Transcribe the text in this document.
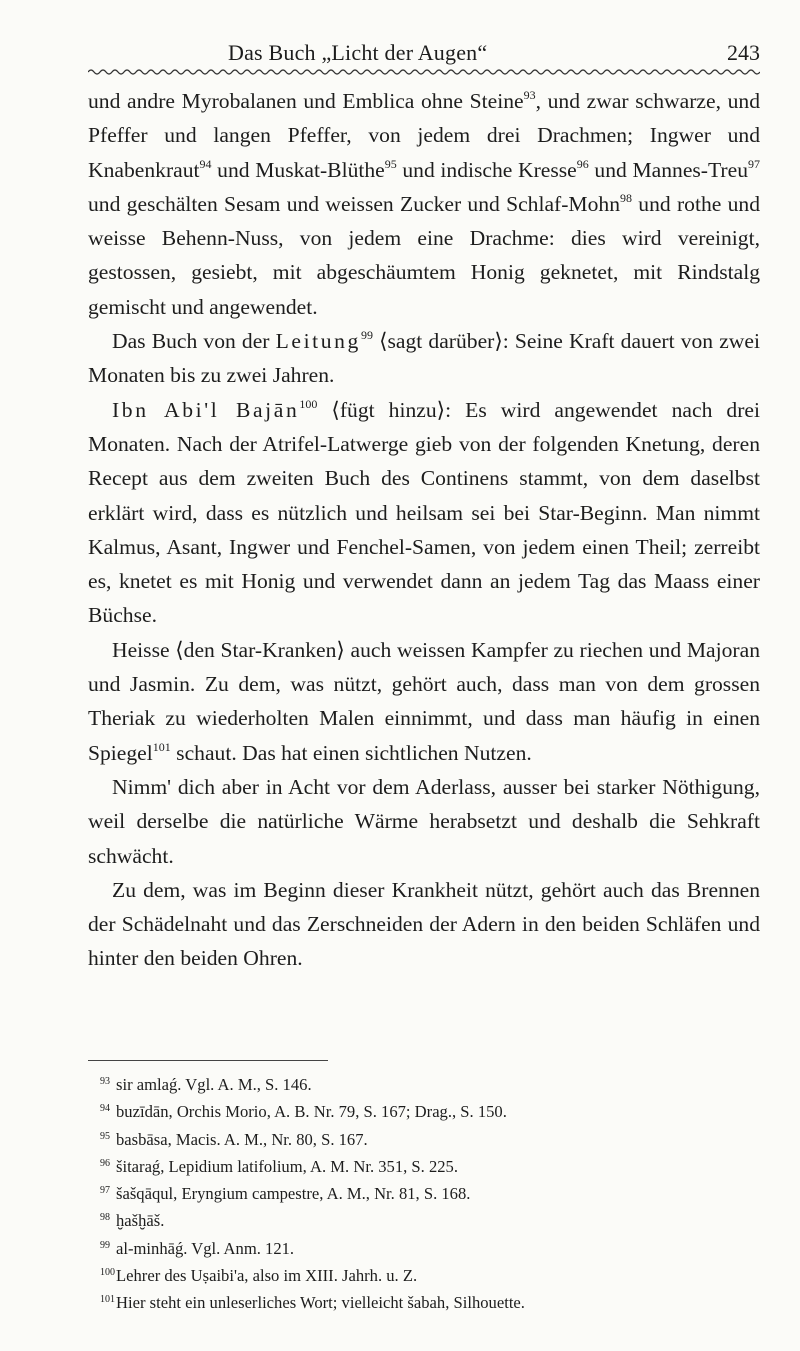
Das Buch „Licht der Augen“	243

und andre Myrobalanen und Emblica ohne Steine$^{93}$, und zwar schwarze, und Pfeffer und langen Pfeffer, von jedem drei Drachmen; Ingwer und Knabenkraut$^{94}$ und Muskat-Blüthe$^{95}$ und indische Kresse$^{96}$ und Mannes-Treu$^{97}$ und geschälten Sesam und weissen Zucker und Schlaf-Mohn$^{98}$ und rothe und weisse Behenn-Nuss, von jedem eine Drachme: dies wird vereinigt, gestossen, gesiebt, mit abgeschäumtem Honig geknetet, mit Rindstalg gemischt und angewendet.

Das Buch von der Leitung$^{99}$ ⟨sagt darüber⟩: Seine Kraft dauert von zwei Monaten bis zu zwei Jahren.

Ibn Abi'l Bajān$^{100}$ ⟨fügt hinzu⟩: Es wird angewendet nach drei Monaten. Nach der Atrifel-Latwerge gieb von der folgenden Knetung, deren Recept aus dem zweiten Buch des Continens stammt, von dem daselbst erklärt wird, dass es nützlich und heilsam sei bei Star-Beginn. Man nimmt Kalmus, Asant, Ingwer und Fenchel-Samen, von jedem einen Theil; zerreibt es, knetet es mit Honig und verwendet dann an jedem Tag das Maass einer Büchse.

Heisse ⟨den Star-Kranken⟩ auch weissen Kampfer zu riechen und Majoran und Jasmin. Zu dem, was nützt, gehört auch, dass man von dem grossen Theriak zu wiederholten Malen einnimmt, und dass man häufig in einen Spiegel$^{101}$ schaut. Das hat einen sichtlichen Nutzen.

Nimm' dich aber in Acht vor dem Aderlass, ausser bei starker Nöthigung, weil derselbe die natürliche Wärme herabsetzt und deshalb die Sehkraft schwächt.

Zu dem, was im Beginn dieser Krankheit nützt, gehört auch das Brennen der Schädelnaht und das Zerschneiden der Adern in den beiden Schläfen und hinter den beiden Ohren.

93 sir amlaǵ. Vgl. A. M., S. 146.
94 buzīdān, Orchis Morio, A. B. Nr. 79, S. 167; Drag., S. 150.
95 basbāsa, Macis. A. M., Nr. 80, S. 167.
96 šitaraǵ, Lepidium latifolium, A. M. Nr. 351, S. 225.
97 šašqāqul, Eryngium campestre, A. M., Nr. 81, S. 168.
98 ḫašḫāš.
99 al-minhāǵ. Vgl. Anm. 121.
100Lehrer des Uṣaibi'a, also im XIII. Jahrh. u. Z.
101Hier steht ein unleserliches Wort; vielleicht šabah, Silhouette.
